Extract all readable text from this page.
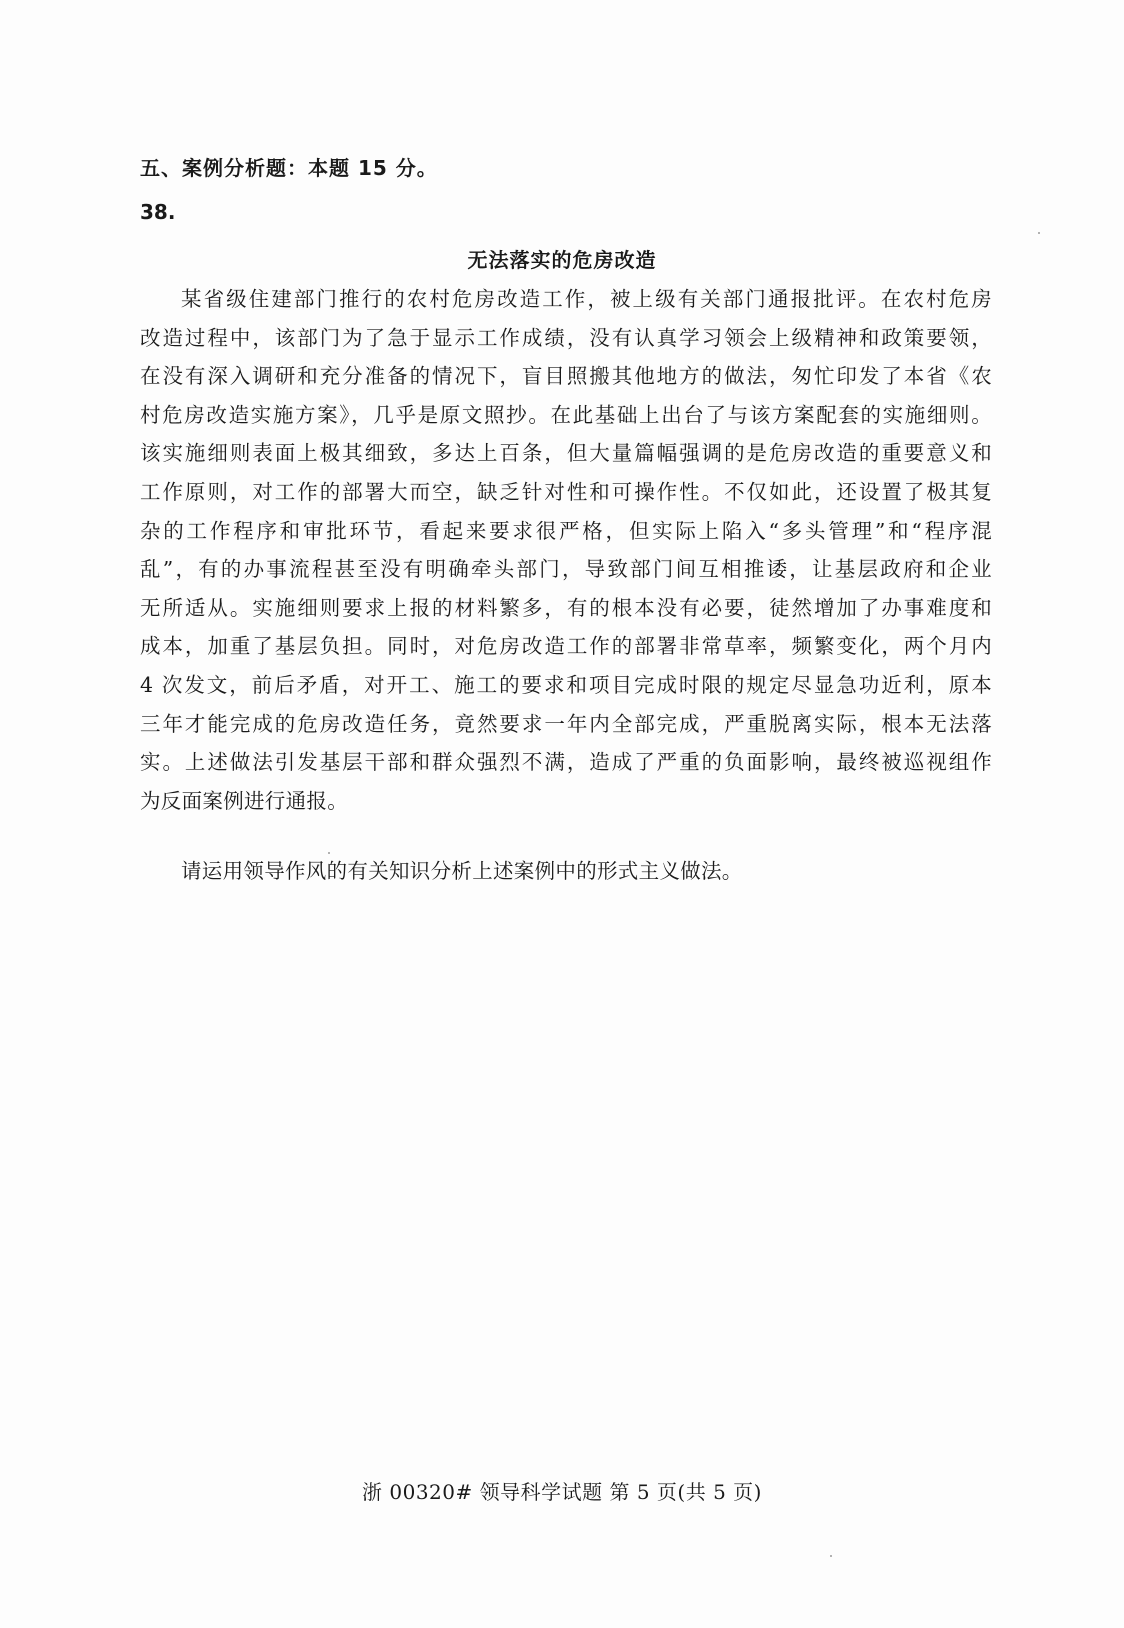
五、案例分析题：本题 15 分。
38.
无法落实的危房改造
某省级住建部门推行的农村危房改造工作，被上级有关部门通报批评。在农村危房
改造过程中，该部门为了急于显示工作成绩，没有认真学习领会上级精神和政策要领，
在没有深入调研和充分准备的情况下，盲目照搬其他地方的做法，匆忙印发了本省《农
村危房改造实施方案》，几乎是原文照抄。在此基础上出台了与该方案配套的实施细则。
该实施细则表面上极其细致，多达上百条，但大量篇幅强调的是危房改造的重要意义和
工作原则，对工作的部署大而空，缺乏针对性和可操作性。不仅如此，还设置了极其复
杂的工作程序和审批环节，看起来要求很严格，但实际上陷入“多头管理”和“程序混
乱”，有的办事流程甚至没有明确牵头部门，导致部门间互相推诿，让基层政府和企业
无所适从。实施细则要求上报的材料繁多，有的根本没有必要，徒然增加了办事难度和
成本，加重了基层负担。同时，对危房改造工作的部署非常草率，频繁变化，两个月内
4 次发文，前后矛盾，对开工、施工的要求和项目完成时限的规定尽显急功近利，原本
三年才能完成的危房改造任务，竟然要求一年内全部完成，严重脱离实际，根本无法落
实。上述做法引发基层干部和群众强烈不满，造成了严重的负面影响，最终被巡视组作
为反面案例进行通报。
请运用领导作风的有关知识分析上述案例中的形式主义做法。
浙 00320# 领导科学试题 第 5 页(共 5 页)
